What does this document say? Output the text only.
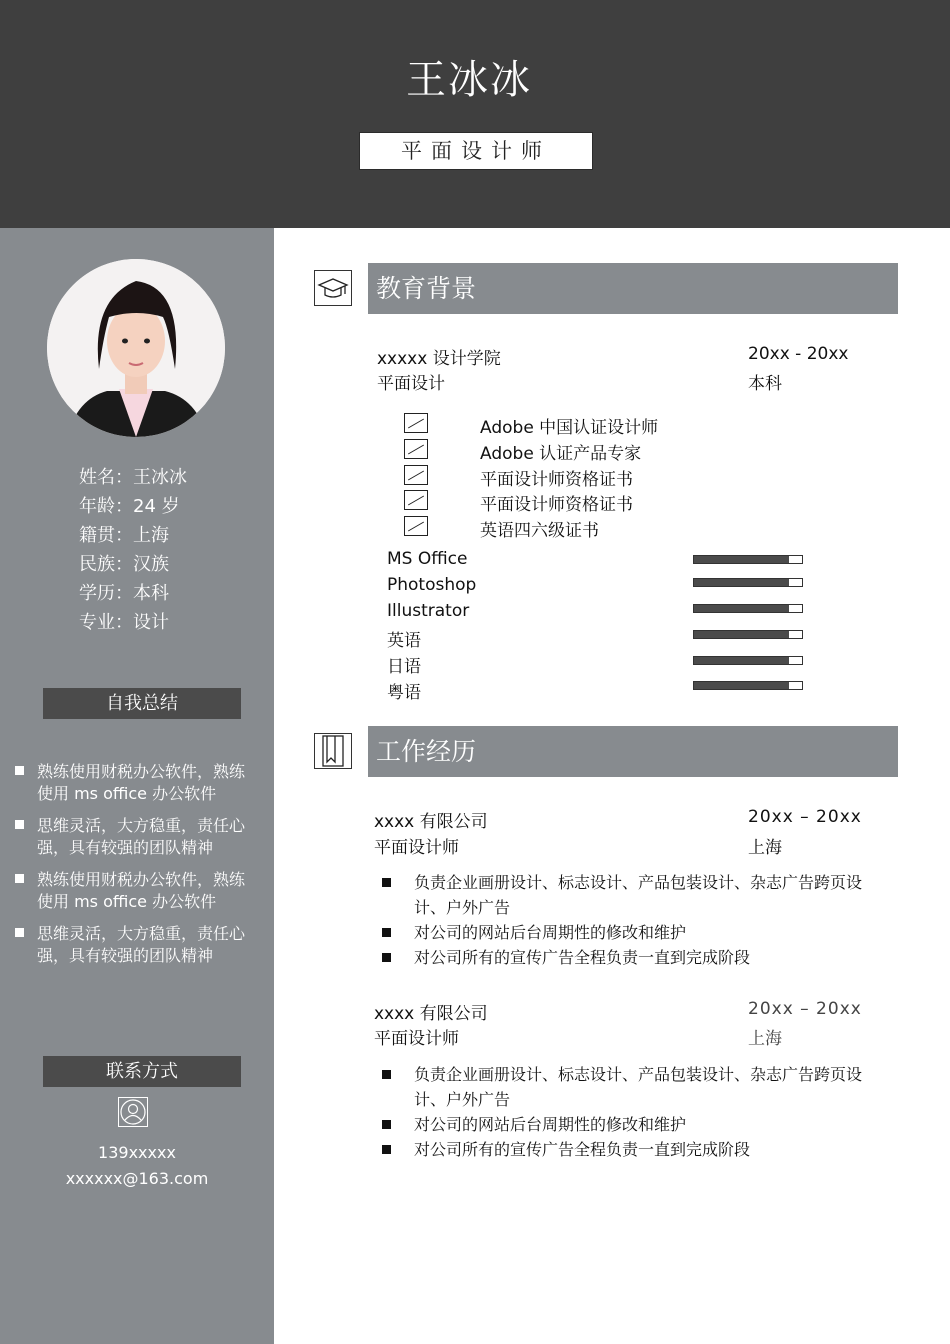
王冰冰
平面设计师
姓名：王冰冰
年龄：24 岁
籍贯：上海
民族：汉族
学历：本科
专业：设计
自我总结
熟练使用财税办公软件，熟练使用 ms office 办公软件
思维灵活，大方稳重，责任心强，具有较强的团队精神
熟练使用财税办公软件，熟练使用 ms office 办公软件
思维灵活，大方稳重，责任心强，具有较强的团队精神
联系方式
139xxxxx
xxxxxx@163.com
教育背景
xxxxx 设计学院	20xx - 20xx
平面设计	本科
Adobe 中国认证设计师
Adobe 认证产品专家
平面设计师资格证书
平面设计师资格证书
英语四六级证书
MS Office
Photoshop
Illustrator
英语
日语
粤语
工作经历
xxxx 有限公司	20xx – 20xx
平面设计师	上海
负责企业画册设计、标志设计、产品包装设计、杂志广告跨页设计、户外广告
对公司的网站后台周期性的修改和维护
对公司所有的宣传广告全程负责一直到完成阶段
xxxx 有限公司	20xx – 20xx
平面设计师	上海
负责企业画册设计、标志设计、产品包装设计、杂志广告跨页设计、户外广告
对公司的网站后台周期性的修改和维护
对公司所有的宣传广告全程负责一直到完成阶段
